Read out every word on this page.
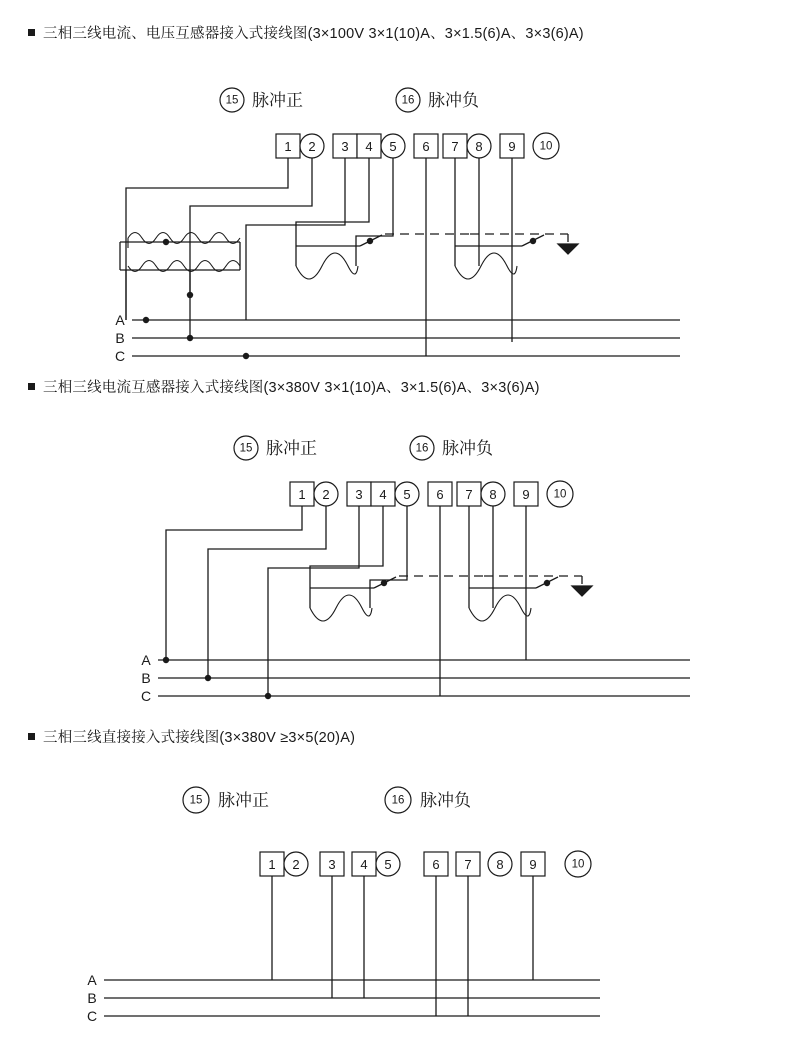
三相三线电流、电压互感器接入式接线图(3×100V 3×1(10)A、3×1.5(6)A、3×3(6)A)
15 脉冲正	16 脉冲负
1 2 3 4 5 6 7 8 9 10
A
B
C
三相三线电流互感器接入式接线图(3×380V 3×1(10)A、3×1.5(6)A、3×3(6)A)
15 脉冲正	16 脉冲负
1 2 3 4 5 6 7 8 9 10
A
B
C
三相三线直接接入式接线图(3×380V ≥3×5(20)A)
15 脉冲正	16 脉冲负
1 2 3 4 5	6 7 8 9	10
A
B
C
